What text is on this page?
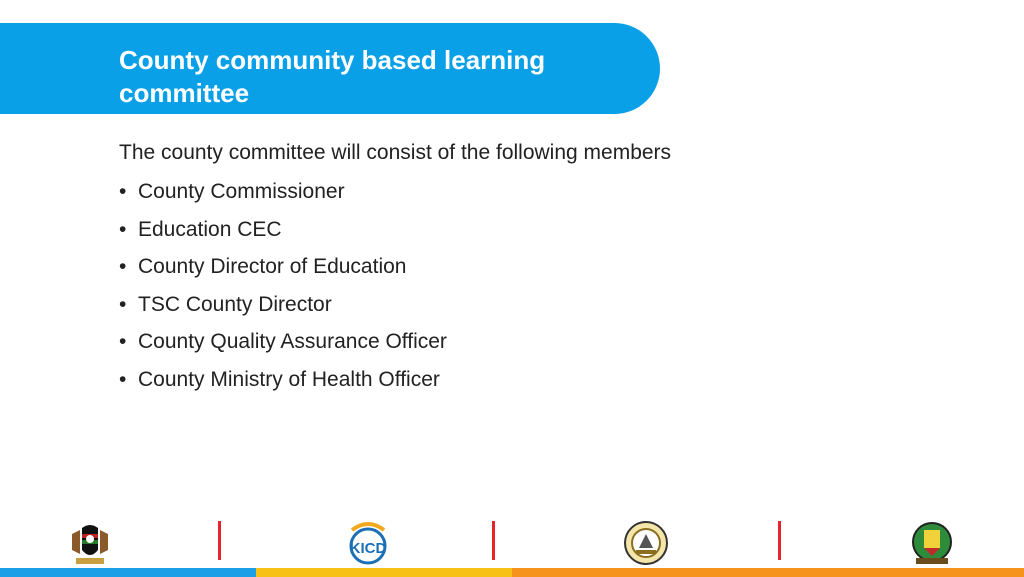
County community based learning committee
The county committee will consist of the following members
• County Commissioner
• Education CEC
• County Director of Education
• TSC County Director
• County Quality Assurance Officer
• County Ministry of Health Officer
KICD
